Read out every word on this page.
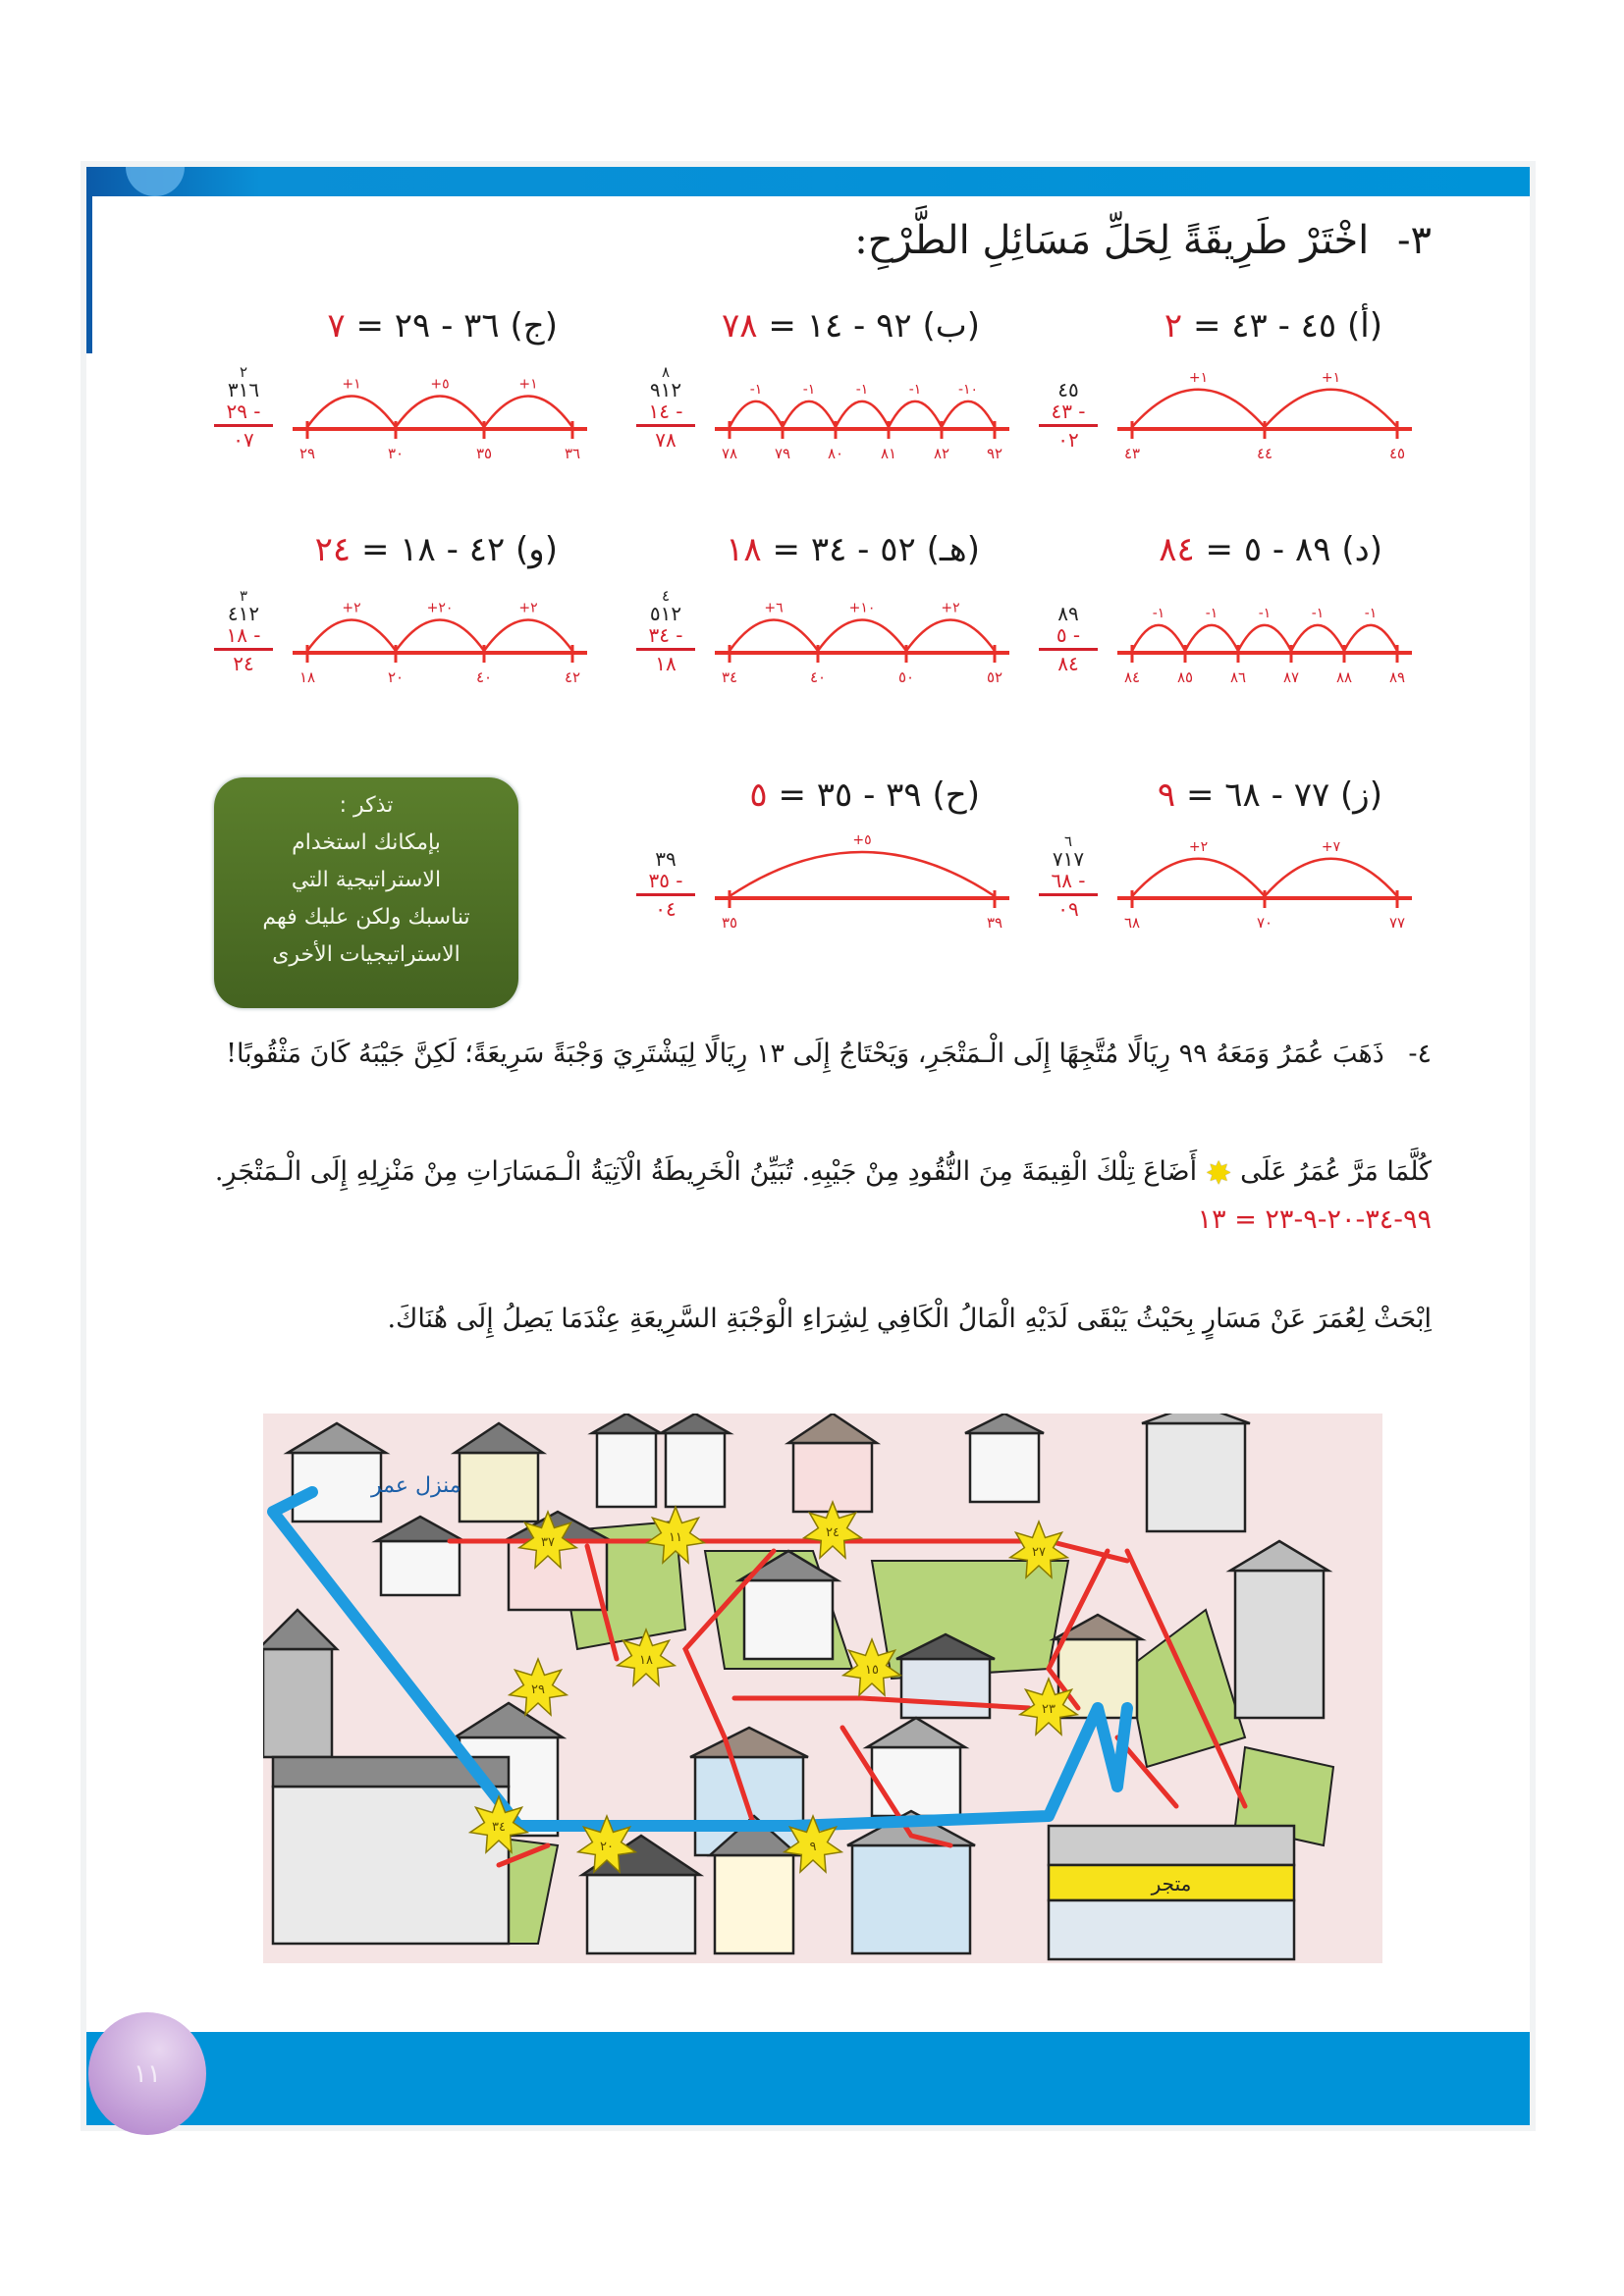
٣- اخْتَرْ طَرِيقَةً لِحَلِّ مَسَائِلِ الطَّرْحِ:
(أ) ٤٥ - ٤٣ = ٢

٤٥
٤٣ -
٠٢
٤٣	٤٤	٤٥
+١	+١
(ب) ٩٢ - ١٤ = ٧٨
٨
٩١٢
١٤ -
٧٨
٧٨	٧٩	٨٠	٨١	٨٢	٩٢
-١	-١	-١	-١	-١٠
(ج) ٣٦ - ٢٩ = ٧
٢
٣١٦
٢٩ -
٠٧
٢٩	٣٠	٣٥	٣٦
+١	+٥	+١
(د) ٨٩ - ٥ = ٨٤

٨٩
٥ -
٨٤
٨٤	٨٥	٨٦	٨٧	٨٨	٨٩
-١	-١	-١	-١	-١
(هـ) ٥٢ - ٣٤ = ١٨
٤
٥١٢
٣٤ -
١٨
٣٤	٤٠	٥٠	٥٢
+٦	+١٠	+٢
(و) ٤٢ - ١٨ = ٢٤
٣
٤١٢
١٨ -
٢٤
١٨	٢٠	٤٠	٤٢
+٢	+٢٠	+٢
(ز) ٧٧ - ٦٨ = ٩
٦
٧١٧
٦٨ -
٠٩
٦٨	٧٠	٧٧
+٢	+٧
(ح) ٣٩ - ٣٥ = ٥

٣٩
٣٥ -
٠٤
٣٥	٣٩
+٥
تذكر :
بإمكانك استخدام
الاستراتيجية التي
تناسبك ولكن عليك فهم
الاستراتيجيات الأخرى
٤- ذَهَبَ عُمَرُ وَمَعَهُ ٩٩ رِيَالًا مُتَّجِهًا إِلَى الْـمَتْجَرِ، وَيَحْتَاجُ إِلَى ١٣ رِيَالًا لِيَشْتَرِيَ وَجْبَةً سَرِيعَةً؛ لَكِنَّ جَيْبَهُ كَانَ مَثْقُوبًا!
كُلَّمَا مَرَّ عُمَرُ عَلَى ✸ أَضَاعَ تِلْكَ الْقِيمَةَ مِنَ النُّقُودِ مِنْ جَيْبِهِ. تُبَيِّنُ الْخَرِيطَةُ الْآتِيَةُ الْـمَسَارَاتِ مِنْ مَنْزِلِهِ إِلَى الْـمَتْجَرِ. ٩٩-٣٤-٢٠-٩-٢٣ = ١٣
اِبْحَثْ لِعُمَرَ عَنْ مَسَارٍ بِحَيْثُ يَبْقَى لَدَيْهِ الْمَالُ الْكَافِي لِشِرَاءِ الْوَجْبَةِ السَّرِيعَةِ عِنْدَمَا يَصِلُ إِلَى هُنَاكَ.
متجر
منزل عمر
٣٧	١١	٢٤
٢٧
٢٩
١٨
١٥
٢٣
٣٤
٢٠	٩
١١
